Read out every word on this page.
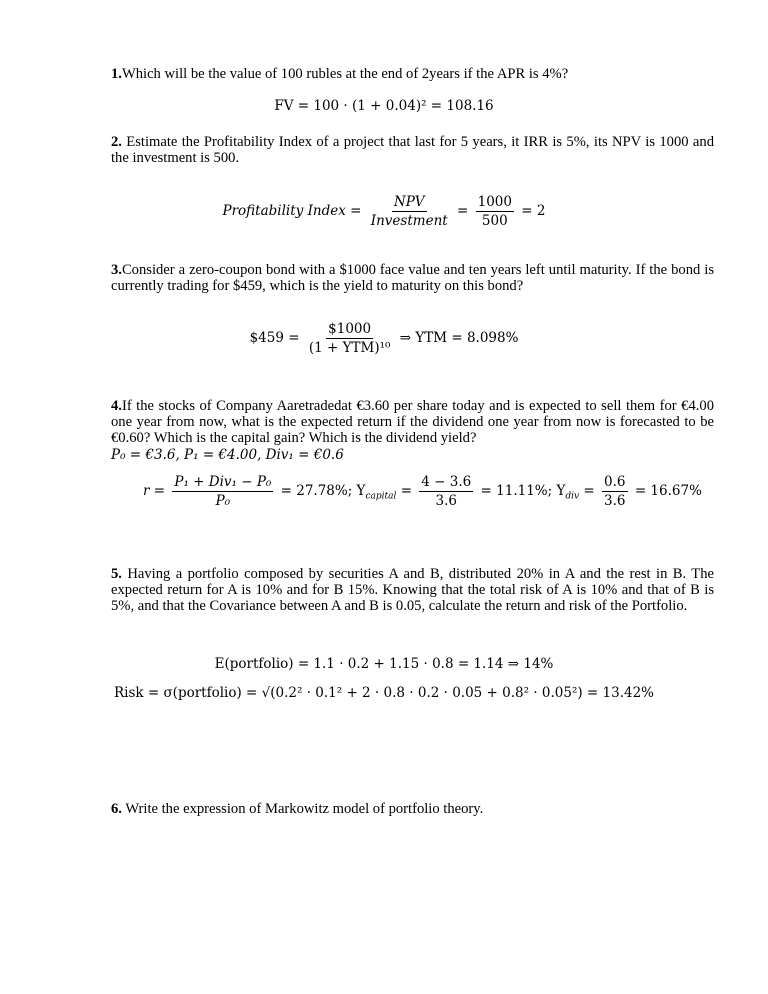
1.Which will be the value of 100 rubles at the end of 2years if the APR is 4%?
FV = 100 · (1 + 0.04)² = 108.16
2. Estimate the Profitability Index of a project that last for 5 years, it IRR is 5%, its NPV is 1000 and the investment is 500.
Profitability Index = $\frac{\text{NPV}}{\text{Investment}} = \frac{1000}{500} = 2$
3.Consider a zero-coupon bond with a $1000 face value and ten years left until maturity. If the bond is currently trading for $459, which is the yield to maturity on this bond?
$459 = $\frac{\$1000}{\text{(1 + YTM)¹⁰}}$ ⇒ YTM = 8.098%
4.If the stocks of Company Aaretradedat €3.60 per share today and is expected to sell them for €4.00 one year from now, what is the expected return if the dividend one year from now is forecasted to be €0.60? Which is the capital gain? Which is the dividend yield?
P₀ = €3.6, P₁ = €4.00, Div₁ = €0.6
$r = \frac{\text{P₁ + Div₁ − P₀}}{\text{P₀}} = 27.78\%$; $Y_{capital} = \frac{4 - 3.6}{3.6} = 11.11\%$; $Y_{div} = \frac{0.6}{3.6} = 16.67\%$
5. Having a portfolio composed by securities A and B, distributed 20% in A and the rest in B. The expected return for A is 10% and for B 15%. Knowing that the total risk of A is 10% and that of B is 5%, and that the Covariance between A and B is 0.05, calculate the return and risk of the Portfolio.
E(portfolio) = 1.1 · 0.2 + 1.15 · 0.8 = 1.14 ⇒ 14%
Risk = σ(portfolio) = √(0.2² · 0.1² + 2 · 0.8 · 0.2 · 0.05 + 0.8² · 0.05²) = 13.42%
6. Write the expression of Markowitz model of portfolio theory.
